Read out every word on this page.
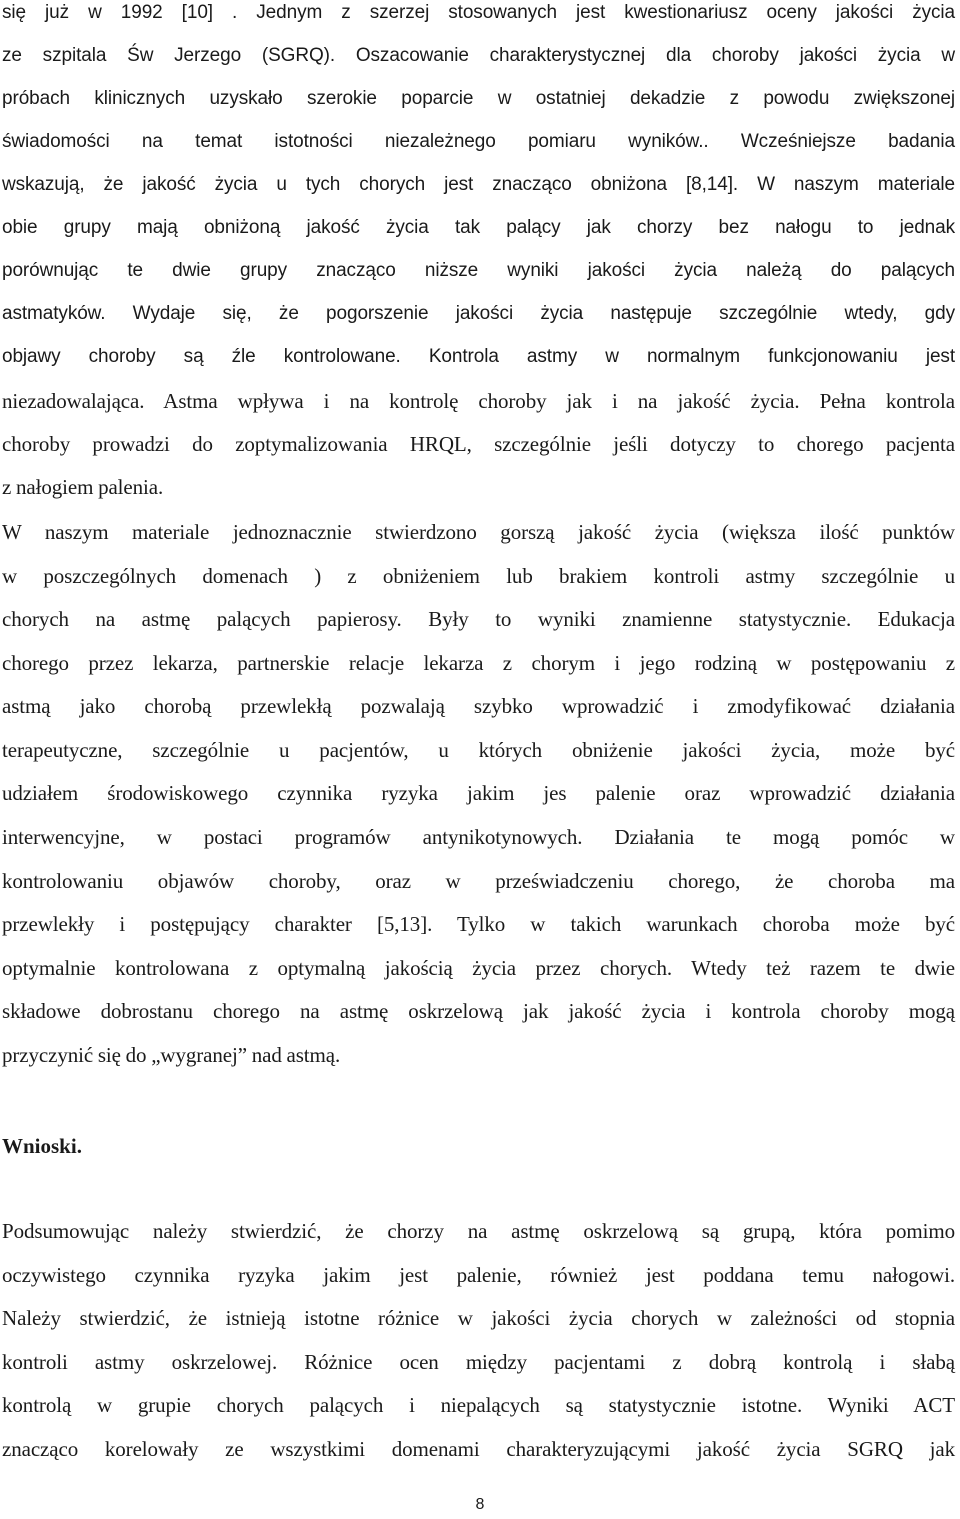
się już w 1992 [10] . Jednym z szerzej stosowanych jest kwestionariusz oceny jakości życia
ze szpitala Św Jerzego (SGRQ). Oszacowanie charakterystycznej dla choroby jakości życia w
próbach klinicznych uzyskało szerokie poparcie w ostatniej dekadzie z powodu zwiększonej
świadomości na temat istotności niezależnego pomiaru wyników.. Wcześniejsze badania
wskazują, że jakość życia u tych chorych jest znacząco obniżona [8,14]. W naszym materiale
obie grupy mają obniżoną jakość życia tak palący jak chorzy bez nałogu to jednak
porównując te dwie grupy znacząco niższe wyniki jakości życia należą do palących
astmatyków. Wydaje się, że pogorszenie jakości życia następuje szczególnie wtedy, gdy
objawy choroby są źle kontrolowane. Kontrola astmy w normalnym funkcjonowaniu jest
niezadowalająca. Astma wpływa i na kontrolę choroby jak i na jakość życia. Pełna kontrola
choroby prowadzi do zoptymalizowania HRQL, szczególnie jeśli dotyczy to chorego pacjenta
z nałogiem palenia.
W naszym materiale jednoznacznie stwierdzono gorszą jakość życia (większa ilość punktów
w poszczególnych domenach ) z obniżeniem lub brakiem kontroli astmy szczególnie u
chorych na astmę palących papierosy. Były to wyniki znamienne statystycznie. Edukacja
chorego przez lekarza, partnerskie relacje lekarza z chorym i jego rodziną w postępowaniu z
astmą jako chorobą przewlekłą pozwalają szybko wprowadzić i zmodyfikować działania
terapeutyczne, szczególnie u pacjentów, u których obniżenie jakości życia, może być
udziałem środowiskowego czynnika ryzyka jakim jes palenie oraz wprowadzić działania
interwencyjne, w postaci programów antynikotynowych. Działania te mogą pomóc w
kontrolowaniu objawów choroby, oraz w przeświadczeniu chorego, że choroba ma
przewlekły i postępujący charakter [5,13]. Tylko w takich warunkach choroba może być
optymalnie kontrolowana z optymalną jakością życia przez chorych. Wtedy też razem te dwie
składowe dobrostanu chorego na astmę oskrzelową jak jakość życia i kontrola choroby mogą
przyczynić się do „wygranej” nad astmą.
Wnioski.
Podsumowując należy stwierdzić, że chorzy na astmę oskrzelową są grupą, która pomimo
oczywistego czynnika ryzyka jakim jest palenie, również jest poddana temu nałogowi.
Należy stwierdzić, że istnieją istotne różnice w jakości życia chorych w zależności od stopnia
kontroli astmy oskrzelowej. Różnice ocen między pacjentami z dobrą kontrolą i słabą
kontrolą w grupie chorych palących i niepalących są statystycznie istotne. Wyniki ACT
znacząco korelowały ze wszystkimi domenami charakteryzującymi jakość życia SGRQ jak
8
